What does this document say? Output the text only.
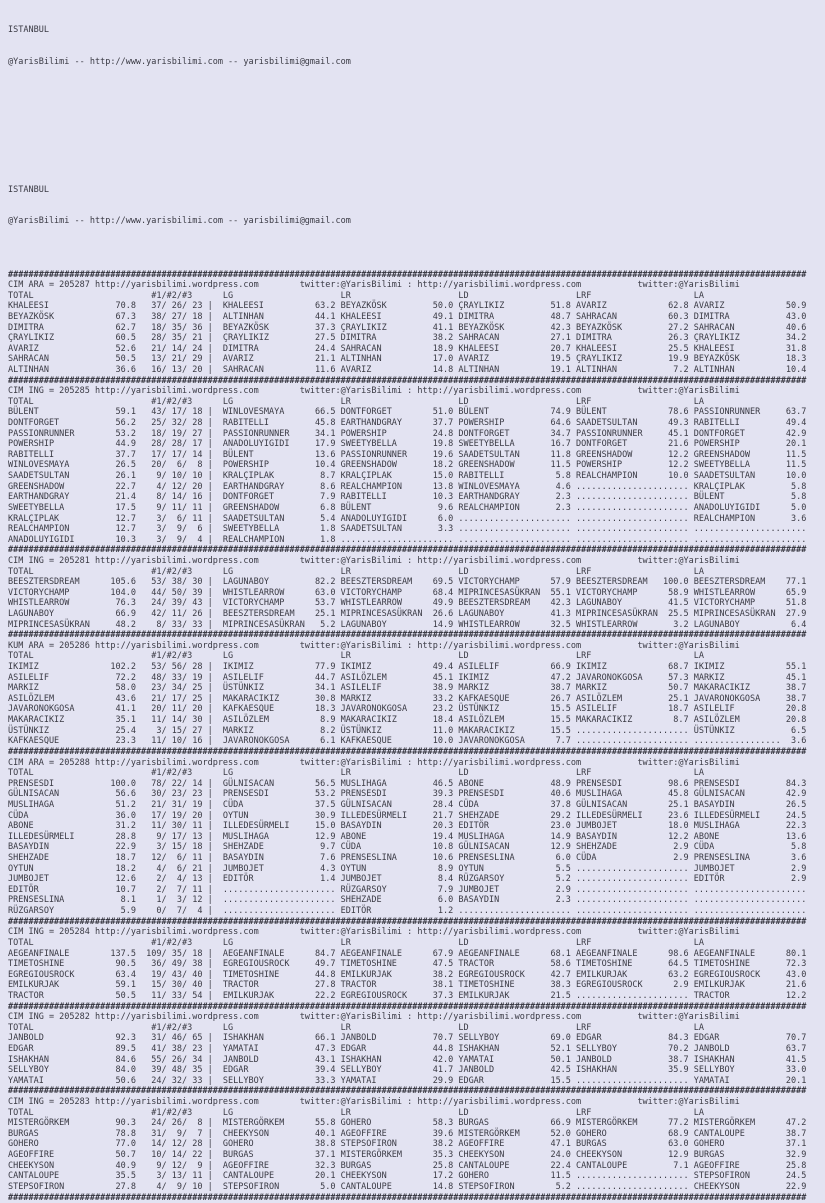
ISTANBUL

@YarisBilimi -- http://www.yarisbilimi.com -- yarisbilimi@gmail.com

ISTANBUL

@YarisBilimi -- http://www.yarisbilimi.com -- yarisbilimi@gmail.com

############################################################################################################################################################
CIM ARA = 205287 http://yarisbilimi.wordpress.com        twitter:@YarisBilimi : http://yarisbilimi.wordpress.com           twitter:@YarisBilimi
TOTAL                       #1/#2/#3      LG                     LR                     LD                     LRF                    LA
KHALEESI             70.8   37/ 26/ 23 |  KHALEESI          63.2 BEYAZKÖSK         50.0 ÇRAYLIKIZ         51.8 AVARIZ            62.8 AVARIZ            50.9
BEYAZKÖSK            67.3   38/ 27/ 18 |  ALTINHAN          44.1 KHALEESI          49.1 DIMITRA           48.7 SAHRACAN          60.3 DIMITRA           43.0
DIMITRA              62.7   18/ 35/ 36 |  BEYAZKÖSK         37.3 ÇRAYLIKIZ         41.1 BEYAZKÖSK         42.3 BEYAZKÖSK         27.2 SAHRACAN          40.6
ÇRAYLIKIZ            60.5   28/ 35/ 21 |  ÇRAYLIKIZ         27.5 DIMITRA           38.2 SAHRACAN          27.1 DIMITRA           26.3 ÇRAYLIKIZ         34.2
AVARIZ               52.6   21/ 14/ 24 |  DIMITRA           24.4 SAHRACAN          18.9 KHALEESI          20.7 KHALEESI          25.5 KHALEESI          31.8
SAHRACAN             50.5   13/ 21/ 29 |  AVARIZ            21.1 ALTINHAN          17.0 AVARIZ            19.5 ÇRAYLIKIZ         19.9 BEYAZKÖSK         18.3
ALTINHAN             36.6   16/ 13/ 20 |  SAHRACAN          11.6 AVARIZ            14.8 ALTINHAN          19.1 ALTINHAN           7.2 ALTINHAN          10.4
############################################################################################################################################################
CIM ING = 205285 http://yarisbilimi.wordpress.com        twitter:@YarisBilimi : http://yarisbilimi.wordpress.com           twitter:@YarisBilimi
TOTAL                       #1/#2/#3      LG                     LR                     LD                     LRF                    LA
BÜLENT               59.1   43/ 17/ 18 |  WINLOVESMAYA      66.5 DONTFORGET        51.0 BÜLENT            74.9 BÜLENT            78.6 PASSIONRUNNER     63.7
DONTFORGET           56.2   25/ 32/ 28 |  RABITELLI         45.8 EARTHANDGRAY      37.7 POWERSHIP         64.6 SAADETSULTAN      49.3 RABITELLI         49.4
PASSIONRUNNER        53.2   18/ 19/ 27 |  PASSIONRUNNER     34.1 POWERSHIP         24.8 DONTFORGET        34.7 PASSIONRUNNER     45.1 DONTFORGET        42.9
POWERSHIP            44.9   28/ 28/ 17 |  ANADOLUYIGIDI     17.9 SWEETYBELLA       19.8 SWEETYBELLA       16.7 DONTFORGET        21.6 POWERSHIP         20.1
RABITELLI            37.7   17/ 17/ 14 |  BÜLENT            13.6 PASSIONRUNNER     19.6 SAADETSULTAN      11.8 GREENSHADOW       12.2 GREENSHADOW       11.5
WINLOVESMAYA         26.5   20/  6/  8 |  POWERSHIP         10.4 GREENSHADOW       18.2 GREENSHADOW       11.5 POWERSHIP         12.2 SWEETYBELLA       11.5
SAADETSULTAN         26.1    9/ 10/ 10 |  KRALÇIPLAK         8.7 KRALÇIPLAK        15.0 RABITELLI          5.8 REALCHAMPION      10.0 SAADETSULTAN      10.0
GREENSHADOW          22.7    4/ 12/ 20 |  EARTHANDGRAY       8.6 REALCHAMPION      13.8 WINLOVESMAYA       4.6 ...................... KRALÇIPLAK         5.8
EARTHANDGRAY         21.4    8/ 14/ 16 |  DONTFORGET         7.9 RABITELLI         10.3 EARTHANDGRAY       2.3 ...................... BÜLENT             5.8
SWEETYBELLA          17.5    9/ 11/ 11 |  GREENSHADOW        6.8 BÜLENT             9.6 REALCHAMPION       2.3 ...................... ANADOLUYIGIDI      5.0
KRALÇIPLAK           12.7    3/  6/ 11 |  SAADETSULTAN       5.4 ANADOLUYIGIDI      6.0 ...................... ...................... REALCHAMPION       3.6
REALCHAMPION         12.7    3/  9/  6 |  SWEETYBELLA        1.8 SAADETSULTAN       3.3 ...................... ...................... ......................
ANADOLUYIGIDI        10.3    3/  9/  4 |  REALCHAMPION       1.8 ...................... ...................... ...................... ......................
############################################################################################################################################################
CIM ING = 205281 http://yarisbilimi.wordpress.com        twitter:@YarisBilimi : http://yarisbilimi.wordpress.com           twitter:@YarisBilimi
TOTAL                       #1/#2/#3      LG                     LR                     LD                     LRF                    LA
BEESZTERSDREAM      105.6   53/ 38/ 30 |  LAGUNABOY         82.2 BEESZTERSDREAM    69.5 VICTORYCHAMP      57.9 BEESZTERSDREAM   100.0 BEESZTERSDREAM    77.1
VICTORYCHAMP        104.0   44/ 50/ 39 |  WHISTLEARROW      63.0 VICTORYCHAMP      68.4 MIPRINCESASÜKRAN  55.1 VICTORYCHAMP      58.9 WHISTLEARROW      65.9
WHISTLEARROW         76.3   24/ 39/ 43 |  VICTORYCHAMP      53.7 WHISTLEARROW      49.9 BEESZTERSDREAM    42.3 LAGUNABOY         41.5 VICTORYCHAMP      51.8
LAGUNABOY            66.9   42/ 11/ 26 |  BEESZTERSDREAM    25.1 MIPRINCESASÜKRAN  26.6 LAGUNABOY         41.3 MIPRINCESASÜKRAN  25.5 MIPRINCESASÜKRAN  27.9
MIPRINCESASÜKRAN     48.2    8/ 33/ 33 |  MIPRINCESASÜKRAN   5.2 LAGUNABOY         14.9 WHISTLEARROW      32.5 WHISTLEARROW       3.2 LAGUNABOY          6.4
############################################################################################################################################################
KUM ARA = 205286 http://yarisbilimi.wordpress.com        twitter:@YarisBilimi : http://yarisbilimi.wordpress.com           twitter:@YarisBilimi
TOTAL                       #1/#2/#3      LG                     LR                     LD                     LRF                    LA
IKIMIZ              102.2   53/ 56/ 28 |  IKIMIZ            77.9 IKIMIZ            49.4 ASILELIF          66.9 IKIMIZ            68.7 IKIMIZ            55.1
ASILELIF             72.2   48/ 33/ 19 |  ASILELIF          44.7 ASILÖZLEM         45.1 IKIMIZ            47.2 JAVARONOKGOSA     57.3 MARKIZ            45.1
MARKIZ               58.0   23/ 34/ 25 |  ÜSTÜNKIZ          34.1 ASILELIF          38.9 MARKIZ            38.7 MARKIZ            50.7 MAKARACIKIZ       38.7
ASILÖZLEM            43.6   21/ 17/ 25 |  MAKARACIKIZ       30.8 MARKIZ            33.2 KAFKAESQUE        26.7 ASILÖZLEM         25.1 JAVARONOKGOSA     38.7
JAVARONOKGOSA        41.1   20/ 11/ 20 |  KAFKAESQUE        18.3 JAVARONOKGOSA     23.2 ÜSTÜNKIZ          15.5 ASILELIF          18.7 ASILELIF          20.8
MAKARACIKIZ          35.1   11/ 14/ 30 |  ASILÖZLEM          8.9 MAKARACIKIZ       18.4 ASILÖZLEM         15.5 MAKARACIKIZ        8.7 ASILÖZLEM         20.8
ÜSTÜNKIZ             25.4    3/ 15/ 27 |  MARKIZ             8.2 ÜSTÜNKIZ          11.0 MAKARACIKIZ       15.5 ...................... ÜSTÜNKIZ           6.5
KAFKAESQUE           23.3   11/ 10/ 16 |  JAVARONOKGOSA      6.1 KAFKAESQUE        10.0 JAVARONOKGOSA      7.7 ...................... .................  3.6
############################################################################################################################################################
CIM ARA = 205288 http://yarisbilimi.wordpress.com        twitter:@YarisBilimi : http://yarisbilimi.wordpress.com           twitter:@YarisBilimi
TOTAL                       #1/#2/#3      LG                     LR                     LD                     LRF                    LA
PRENSESDI           100.0   78/ 22/ 14 |  GÜLNISACAN        56.5 MUSLIHAGA         46.5 ABONE             48.9 PRENSESDI         98.6 PRENSESDI         84.3
GÜLNISACAN           56.6   30/ 23/ 23 |  PRENSESDI         53.2 PRENSESDI         39.3 PRENSESDI         40.6 MUSLIHAGA         45.8 GÜLNISACAN        42.9
MUSLIHAGA            51.2   21/ 31/ 19 |  CÜDA              37.5 GÜLNISACAN        28.4 CÜDA              37.8 GÜLNISACAN        25.1 BASAYDIN          26.5
CÜDA                 36.0   17/ 19/ 20 |  OYTUN             30.9 ILLEDESÜRMELI     21.7 SHEHZADE          29.2 ILLEDESÜRMELI     23.6 ILLEDESÜRMELI     24.5
ABONE                31.2   11/ 30/ 11 |  ILLEDESÜRMELI     15.0 BASAYDIN          20.3 EDITÖR            23.0 JUMBOJET          18.0 MUSLIHAGA         22.3
ILLEDESÜRMELI        28.8    9/ 17/ 13 |  MUSLIHAGA         12.9 ABONE             19.4 MUSLIHAGA         14.9 BASAYDIN          12.2 ABONE             13.6
BASAYDIN             22.9    3/ 15/ 18 |  SHEHZADE           9.7 CÜDA              10.8 GÜLNISACAN        12.9 SHEHZADE           2.9 CÜDA               5.8
SHEHZADE             18.7   12/  6/ 11 |  BASAYDIN           7.6 PRENSESLINA       10.6 PRENSESLINA        6.0 CÜDA               2.9 PRENSESLINA        3.6
OYTUN                18.2    4/  6/ 21 |  JUMBOJET           4.3 OYTUN              8.9 OYTUN              5.5 ...................... JUMBOJET           2.9
JUMBOJET             12.6    2/  4/ 13 |  EDITÖR             1.4 JUMBOJET           8.4 RÜZGARSOY          5.2 ...................... EDITÖR             2.9
EDITÖR               10.7    2/  7/ 11 |  ...................... RÜZGARSOY          7.9 JUMBOJET           2.9 ...................... ......................
PRENSESLINA           8.1    1/  3/ 12 |  ...................... SHEHZADE           6.0 BASAYDIN           2.3 ...................... ......................
RÜZGARSOY             5.9    0/  7/  4 |  ...................... EDITÖR             1.2 ...................... ...................... ......................
############################################################################################################################################################
CIM ING = 205284 http://yarisbilimi.wordpress.com        twitter:@YarisBilimi : http://yarisbilimi.wordpress.com           twitter:@YarisBilimi
TOTAL                       #1/#2/#3      LG                     LR                     LD                     LRF                    LA
AEGEANFINALE        137.5  109/ 35/ 18 |  AEGEANFINALE      84.7 AEGEANFINALE      67.9 AEGEANFINALE      68.1 AEGEANFINALE      98.6 AEGEANFINALE      80.1
TIMETOSHINE          90.5   36/ 49/ 38 |  EGREGIOUSROCK     49.7 TIMETOSHINE       47.5 TRACTOR           58.6 TIMETOSHINE       64.5 TIMETOSHINE       72.3
EGREGIOUSROCK        63.4   19/ 43/ 40 |  TIMETOSHINE       44.8 EMILKURJAK        38.2 EGREGIOUSROCK     42.7 EMILKURJAK        63.2 EGREGIOUSROCK     43.0
EMILKURJAK           59.1   15/ 30/ 40 |  TRACTOR           27.8 TRACTOR           38.1 TIMETOSHINE       38.3 EGREGIOUSROCK      2.9 EMILKURJAK        21.6
TRACTOR              50.5   11/ 33/ 54 |  EMILKURJAK        22.2 EGREGIOUSROCK     37.3 EMILKURJAK        21.5 ...................... TRACTOR           12.2
############################################################################################################################################################
CIM ING = 205282 http://yarisbilimi.wordpress.com        twitter:@YarisBilimi : http://yarisbilimi.wordpress.com           twitter:@YarisBilimi
TOTAL                       #1/#2/#3      LG                     LR                     LD                     LRF                    LA
JANBOLD              92.3   31/ 46/ 65 |  ISHAKHAN          66.1 JANBOLD           70.7 SELLYBOY          69.0 EDGAR             84.3 EDGAR             70.7
EDGAR                89.5   41/ 38/ 23 |  YAMATAI           47.3 EDGAR             44.8 ISHAKHAN          52.1 SELLYBOY          70.2 JANBOLD           63.7
ISHAKHAN             84.6   55/ 26/ 34 |  JANBOLD           43.1 ISHAKHAN          42.0 YAMATAI           50.1 JANBOLD           38.7 ISHAKHAN          41.5
SELLYBOY             84.0   39/ 48/ 35 |  EDGAR             39.4 SELLYBOY          41.7 JANBOLD           42.5 ISHAKHAN          35.9 SELLYBOY          33.0
YAMATAI              50.6   24/ 32/ 33 |  SELLYBOY          33.3 YAMATAI           29.9 EDGAR             15.5 ...................... YAMATAI           20.1
############################################################################################################################################################
CIM ING = 205283 http://yarisbilimi.wordpress.com        twitter:@YarisBilimi : http://yarisbilimi.wordpress.com           twitter:@YarisBilimi
TOTAL                       #1/#2/#3      LG                     LR                     LD                     LRF                    LA
MISTERGÖRKEM         90.3   24/ 26/  8 |  MISTERGÖRKEM      55.8 GOHERO            58.3 BURGAS            66.9 MISTERGÖRKEM      77.2 MISTERGÖRKEM      47.2
BURGAS               78.8   31/  9/  7 |  CHEEKYSON         40.1 AGEOFFIRE         39.6 MISTERGÖRKEM      52.0 GOHERO            68.9 CANTALOUPE        38.7
GOHERO               77.0   14/ 12/ 28 |  GOHERO            38.8 STEPSOFIRON       38.2 AGEOFFIRE         47.1 BURGAS            63.0 GOHERO            37.1
AGEOFFIRE            50.7   10/ 14/ 22 |  BURGAS            37.1 MISTERGÖRKEM      35.3 CHEEKYSON         24.0 CHEEKYSON         12.9 BURGAS            32.9
CHEEKYSON            40.9    9/ 12/  9 |  AGEOFFIRE         32.3 BURGAS            25.8 CANTALOUPE        22.4 CANTALOUPE         7.1 AGEOFFIRE         25.8
CANTALOUPE           35.5    3/ 13/ 11 |  CANTALOUPE        20.1 CHEEKYSON         17.2 GOHERO            11.5 ...................... STEPSOFIRON       24.5
STEPSOFIRON          27.8    4/  9/ 10 |  STEPSOFIRON        5.0 CANTALOUPE        14.8 STEPSOFIRON        5.2 ...................... CHEEKYSON         22.9
############################################################################################################################################################
